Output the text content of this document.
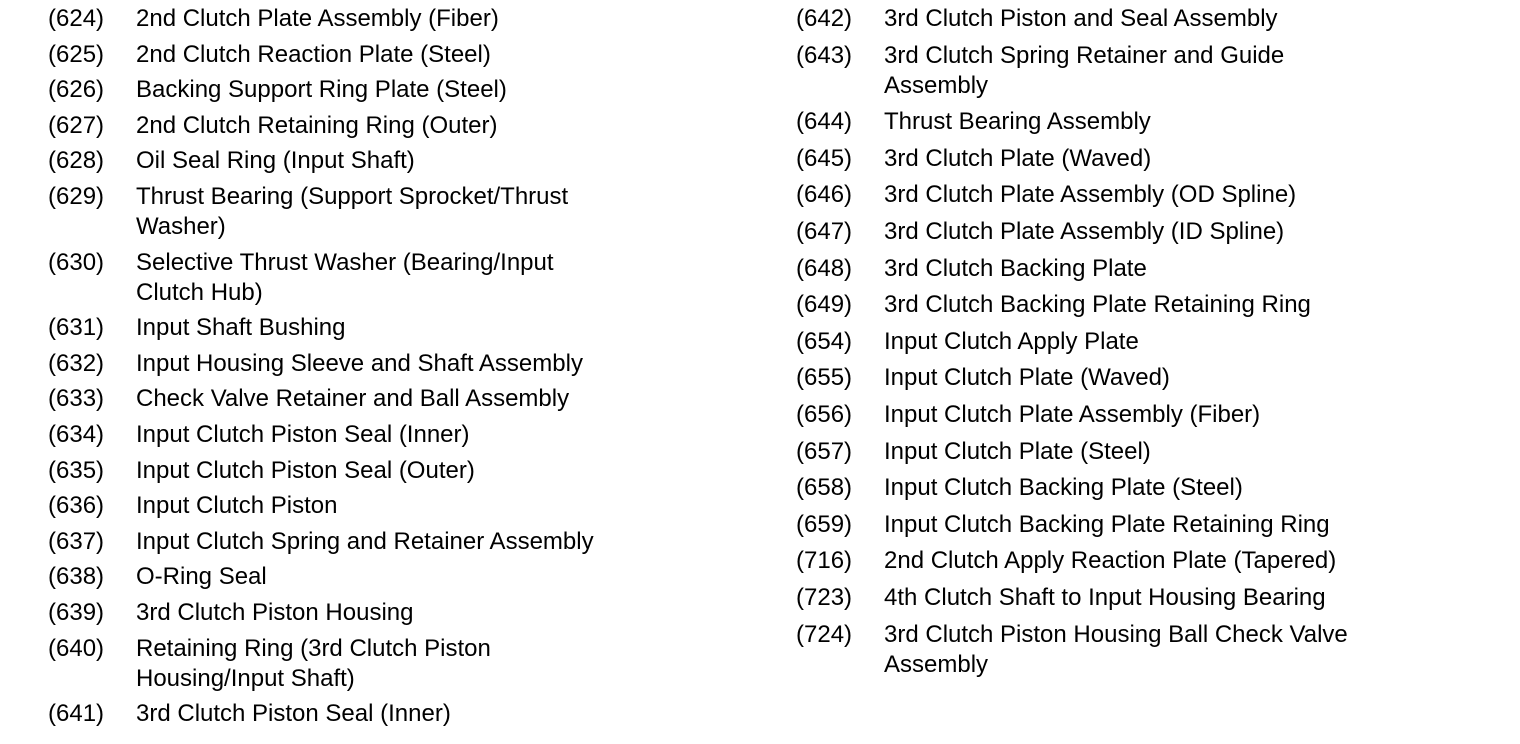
(624)	2nd Clutch Plate Assembly (Fiber)
(625)	2nd Clutch Reaction Plate (Steel)
(626)	Backing Support Ring Plate (Steel)
(627)	2nd Clutch Retaining Ring (Outer)
(628)	Oil Seal Ring (Input Shaft)
(629)	Thrust Bearing (Support Sprocket/Thrust
Washer)
(630)	Selective Thrust Washer (Bearing/Input
Clutch Hub)
(631)	Input Shaft Bushing
(632)	Input Housing Sleeve and Shaft Assembly
(633)	Check Valve Retainer and Ball Assembly
(634)	Input Clutch Piston Seal (Inner)
(635)	Input Clutch Piston Seal (Outer)
(636)	Input Clutch Piston
(637)	Input Clutch Spring and Retainer Assembly
(638)	O-Ring Seal
(639)	3rd Clutch Piston Housing
(640)	Retaining Ring (3rd Clutch Piston
Housing/Input Shaft)
(641)	3rd Clutch Piston Seal (Inner)
(642)	3rd Clutch Piston and Seal Assembly
(643)	3rd Clutch Spring Retainer and Guide
Assembly
(644)	Thrust Bearing Assembly
(645)	3rd Clutch Plate (Waved)
(646)	3rd Clutch Plate Assembly (OD Spline)
(647)	3rd Clutch Plate Assembly (ID Spline)
(648)	3rd Clutch Backing Plate
(649)	3rd Clutch Backing Plate Retaining Ring
(654)	Input Clutch Apply Plate
(655)	Input Clutch Plate (Waved)
(656)	Input Clutch Plate Assembly (Fiber)
(657)	Input Clutch Plate (Steel)
(658)	Input Clutch Backing Plate (Steel)
(659)	Input Clutch Backing Plate Retaining Ring
(716)	2nd Clutch Apply Reaction Plate (Tapered)
(723)	4th Clutch Shaft to Input Housing Bearing
(724)	3rd Clutch Piston Housing Ball Check Valve
Assembly
